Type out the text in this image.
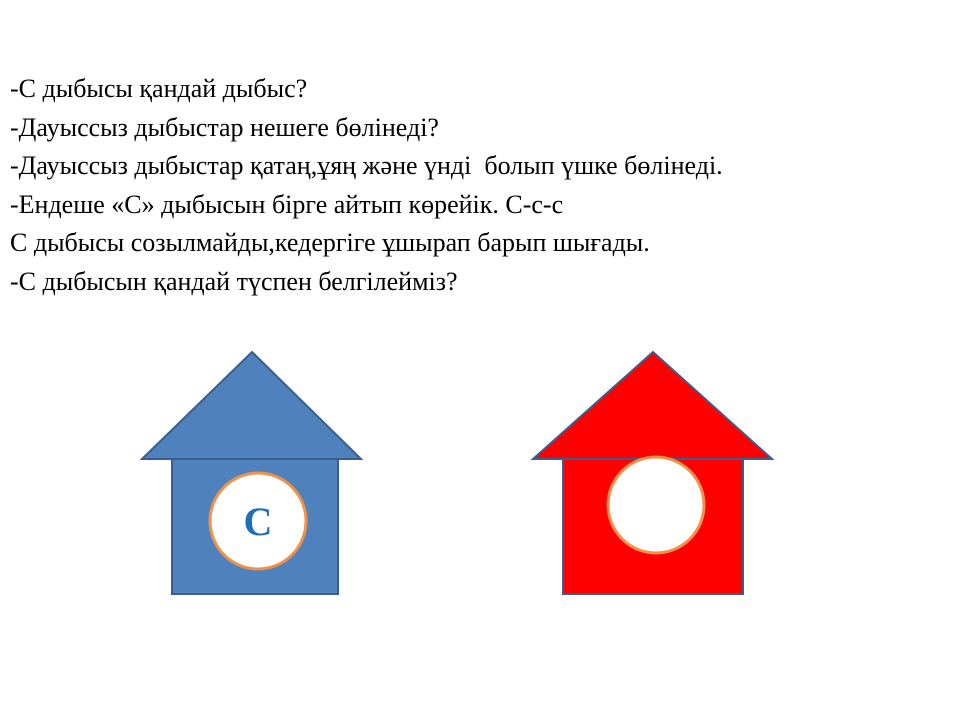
-С дыбысы қандай дыбыс?
-Дауыссыз дыбыстар нешеге бөлінеді?
-Дауыссыз дыбыстар қатаң,ұяң және үнді  болып үшке бөлінеді.
-Ендеше «С» дыбысын бірге айтып көрейік. С-с-с
С дыбысы созылмайды,кедергіге ұшырап барып шығады.
-С дыбысын қандай түспен белгілейміз?
С
